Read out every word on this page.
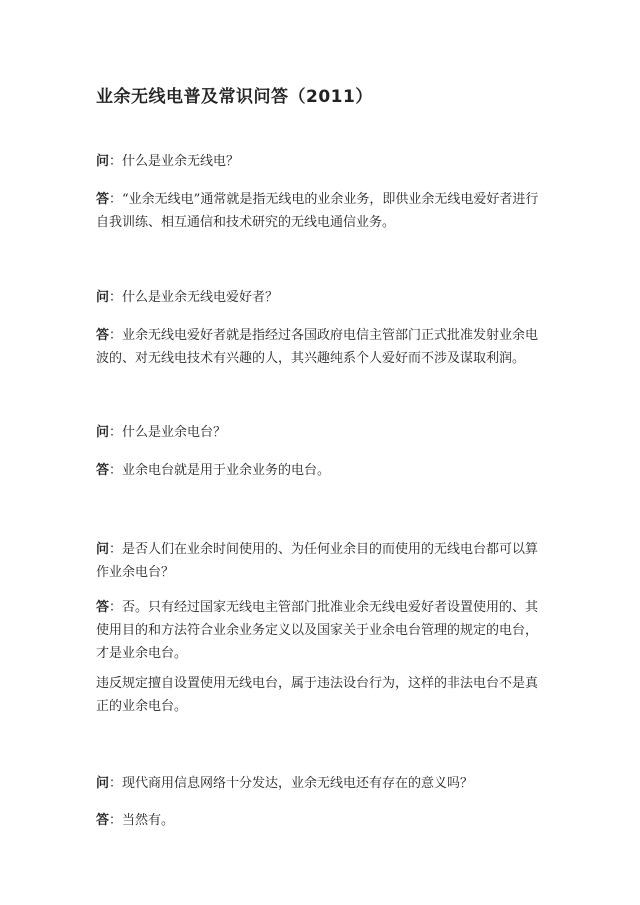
业余无线电普及常识问答（2011）
问：什么是业余无线电？
答：“业余无线电”通常就是指无线电的业余业务，即供业余无线电爱好者进行自我训练、相互通信和技术研究的无线电通信业务。
问：什么是业余无线电爱好者？
答：业余无线电爱好者就是指经过各国政府电信主管部门正式批准发射业余电波的、对无线电技术有兴趣的人，其兴趣纯系个人爱好而不涉及谋取利润。
问：什么是业余电台？
答：业余电台就是用于业余业务的电台。
问：是否人们在业余时间使用的、为任何业余目的而使用的无线电台都可以算作业余电台？
答：否。只有经过国家无线电主管部门批准业余无线电爱好者设置使用的、其使用目的和方法符合业余业务定义以及国家关于业余电台管理的规定的电台，才是业余电台。
违反规定擅自设置使用无线电台，属于违法设台行为，这样的非法电台不是真正的业余电台。
问：现代商用信息网络十分发达，业余无线电还有存在的意义吗？
答：当然有。
